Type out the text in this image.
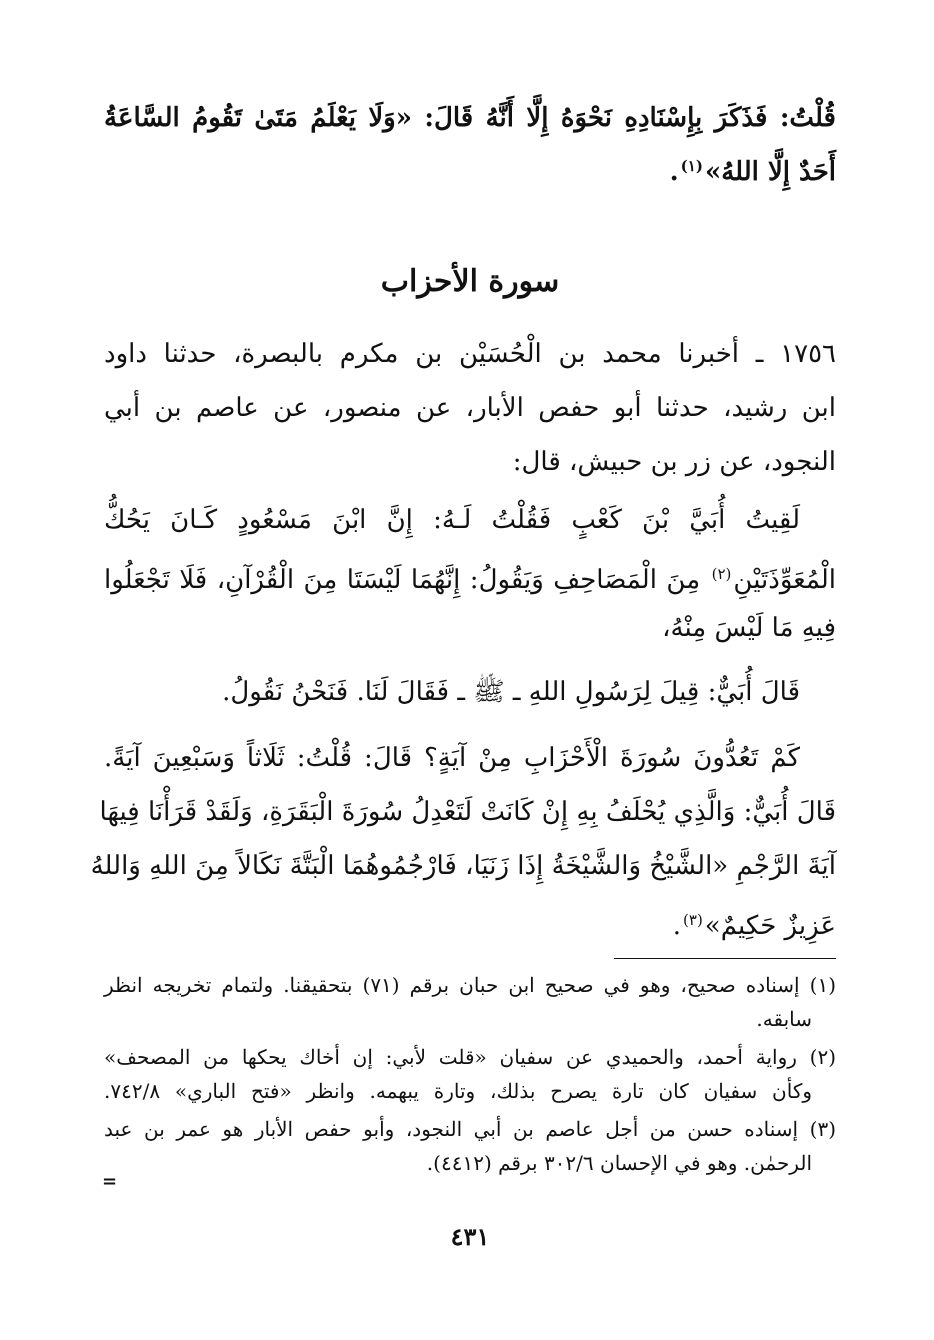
قُلْتُ: فَذَكَرَ بِإِسْنَادِهِ نَحْوَهُ إِلَّا أَنَّهُ قَالَ: «وَلَا يَعْلَمُ مَتَىٰ تَقُومُ السَّاعَةُ
أَحَدٌ إِلَّا اللهُ»$^{(١)}$.
سورة الأحزاب
١٧٥٦ ـ أخبرنا محمد بن الْحُسَيْن بن مكرم بالبصرة، حدثنا داود
ابن رشيد، حدثنا أبو حفص الأبار، عن منصور، عن عاصم بن أبي
النجود، عن زر بن حبيش، قال:
لَقِيتُ أُبَيَّ بْنَ كَعْبٍ فَقُلْتُ لَـهُ: إِنَّ ابْنَ مَسْعُودٍ كَـانَ يَحُكُّ
الْمُعَوِّذَتَيْنِ$^{(٢)}$ مِنَ الْمَصَاحِفِ وَيَقُولُ: إِنَّهُمَا لَيْسَتَا مِنَ الْقُرْآنِ، فَلَا تَجْعَلُوا
فِيهِ مَا لَيْسَ مِنْهُ،
قَالَ أُبَيٌّ: قِيلَ لِرَسُولِ اللهِ ـ ﷺ ـ فَقَالَ لَنَا. فَنَحْنُ نَقُولُ.
كَمْ تَعُدُّونَ سُورَةَ الْأَحْزَابِ مِنْ آيَةٍ؟ قَالَ: قُلْتُ: ثَلَاثاً وَسَبْعِينَ آيَةً.
قَالَ أُبَيٌّ: وَالَّذِي يُحْلَفُ بِهِ إِنْ كَانَتْ لَتَعْدِلُ سُورَةَ الْبَقَرَةِ، وَلَقَدْ قَرَأْنَا فِيهَا
آيَةَ الرَّجْمِ «الشَّيْخُ وَالشَّيْخَةُ إِذَا زَنَيَا، فَارْجُمُوهُمَا الْبَتَّةَ نَكَالاً مِنَ اللهِ وَاللهُ
عَزِيزٌ حَكِيمٌ»$^{(٣)}$.
(١) إسناده صحيح، وهو في صحيح ابن حبان برقم (٧١) بتحقيقنا. ولتمام تخريجه انظر
سابقه.
(٢) رواية أحمد، والحميدي عن سفيان «قلت لأبي: إن أخاك يحكها من المصحف»
وكأن سفيان كان تارة يصرح بذلك، وتارة يبهمه. وانظر «فتح الباري» ٧٤٢/٨.
(٣) إسناده حسن من أجل عاصم بن أبي النجود، وأبو حفص الأبار هو عمر بن عبد
الرحمٰن. وهو في الإحسان ٣٠٢/٦ برقم (٤٤١٢).
=
٤٣١
